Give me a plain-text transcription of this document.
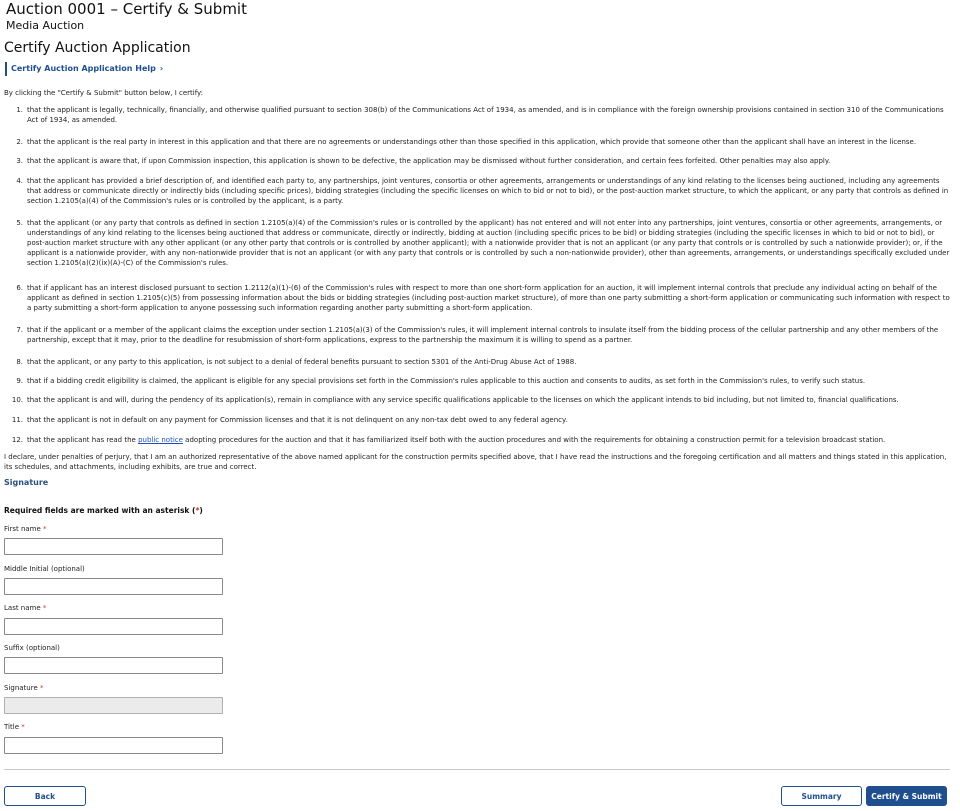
Auction 0001 – Certify & Submit
Media Auction
Certify Auction Application
Certify Auction Application Help ›
By clicking the "Certify & Submit" button below, I certify:
1. that the applicant is legally, technically, financially, and otherwise qualified pursuant to section 308(b) of the Communications Act of 1934, as amended, and is in compliance with the foreign ownership provisions contained in section 310 of the Communications Act of 1934, as amended.
2. that the applicant is the real party in interest in this application and that there are no agreements or understandings other than those specified in this application, which provide that someone other than the applicant shall have an interest in the license.
3. that the applicant is aware that, if upon Commission inspection, this application is shown to be defective, the application may be dismissed without further consideration, and certain fees forfeited. Other penalties may also apply.
4. that the applicant has provided a brief description of, and identified each party to, any partnerships, joint ventures, consortia or other agreements, arrangements or understandings of any kind relating to the licenses being auctioned, including any agreements that address or communicate directly or indirectly bids (including specific prices), bidding strategies (including the specific licenses on which to bid or not to bid), or the post-auction market structure, to which the applicant, or any party that controls as defined in section 1.2105(a)(4) of the Commission's rules or is controlled by the applicant, is a party.
5. that the applicant (or any party that controls as defined in section 1.2105(a)(4) of the Commission's rules or is controlled by the applicant) has not entered and will not enter into any partnerships, joint ventures, consortia or other agreements, arrangements, or understandings of any kind relating to the licenses being auctioned that address or communicate, directly or indirectly, bidding at auction (including specific prices to be bid) or bidding strategies (including the specific licenses in which to bid or not to bid), or post-auction market structure with any other applicant (or any other party that controls or is controlled by another applicant); with a nationwide provider that is not an applicant (or any party that controls or is controlled by such a nationwide provider); or, if the applicant is a nationwide provider, with any non-nationwide provider that is not an applicant (or with any party that controls or is controlled by such a non-nationwide provider), other than agreements, arrangements, or understandings specifically excluded under section 1.2105(a)(2)(ix)(A)-(C) of the Commission's rules.
6. that if applicant has an interest disclosed pursuant to section 1.2112(a)(1)-(6) of the Commission's rules with respect to more than one short-form application for an auction, it will implement internal controls that preclude any individual acting on behalf of the applicant as defined in section 1.2105(c)(5) from possessing information about the bids or bidding strategies (including post-auction market structure), of more than one party submitting a short-form application or communicating such information with respect to a party submitting a short-form application to anyone possessing such information regarding another party submitting a short-form application.
7. that if the applicant or a member of the applicant claims the exception under section 1.2105(a)(3) of the Commission's rules, it will implement internal controls to insulate itself from the bidding process of the cellular partnership and any other members of the partnership, except that it may, prior to the deadline for resubmission of short-form applications, express to the partnership the maximum it is willing to spend as a partner.
8. that the applicant, or any party to this application, is not subject to a denial of federal benefits pursuant to section 5301 of the Anti-Drug Abuse Act of 1988.
9. that if a bidding credit eligibility is claimed, the applicant is eligible for any special provisions set forth in the Commission's rules applicable to this auction and consents to audits, as set forth in the Commission's rules, to verify such status.
10. that the applicant is and will, during the pendency of its application(s), remain in compliance with any service specific qualifications applicable to the licenses on which the applicant intends to bid including, but not limited to, financial qualifications.
11. that the applicant is not in default on any payment for Commission licenses and that it is not delinquent on any non-tax debt owed to any federal agency.
12. that the applicant has read the public notice adopting procedures for the auction and that it has familiarized itself both with the auction procedures and with the requirements for obtaining a construction permit for a television broadcast station.
I declare, under penalties of perjury, that I am an authorized representative of the above named applicant for the construction permits specified above, that I have read the instructions and the foregoing certification and all matters and things stated in this application, its schedules, and attachments, including exhibits, are true and correct.
Signature
Required fields are marked with an asterisk (*)
First name *
Middle Initial (optional)
Last name *
Suffix (optional)
Signature *
Title *
Back	Summary	Certify & Submit
